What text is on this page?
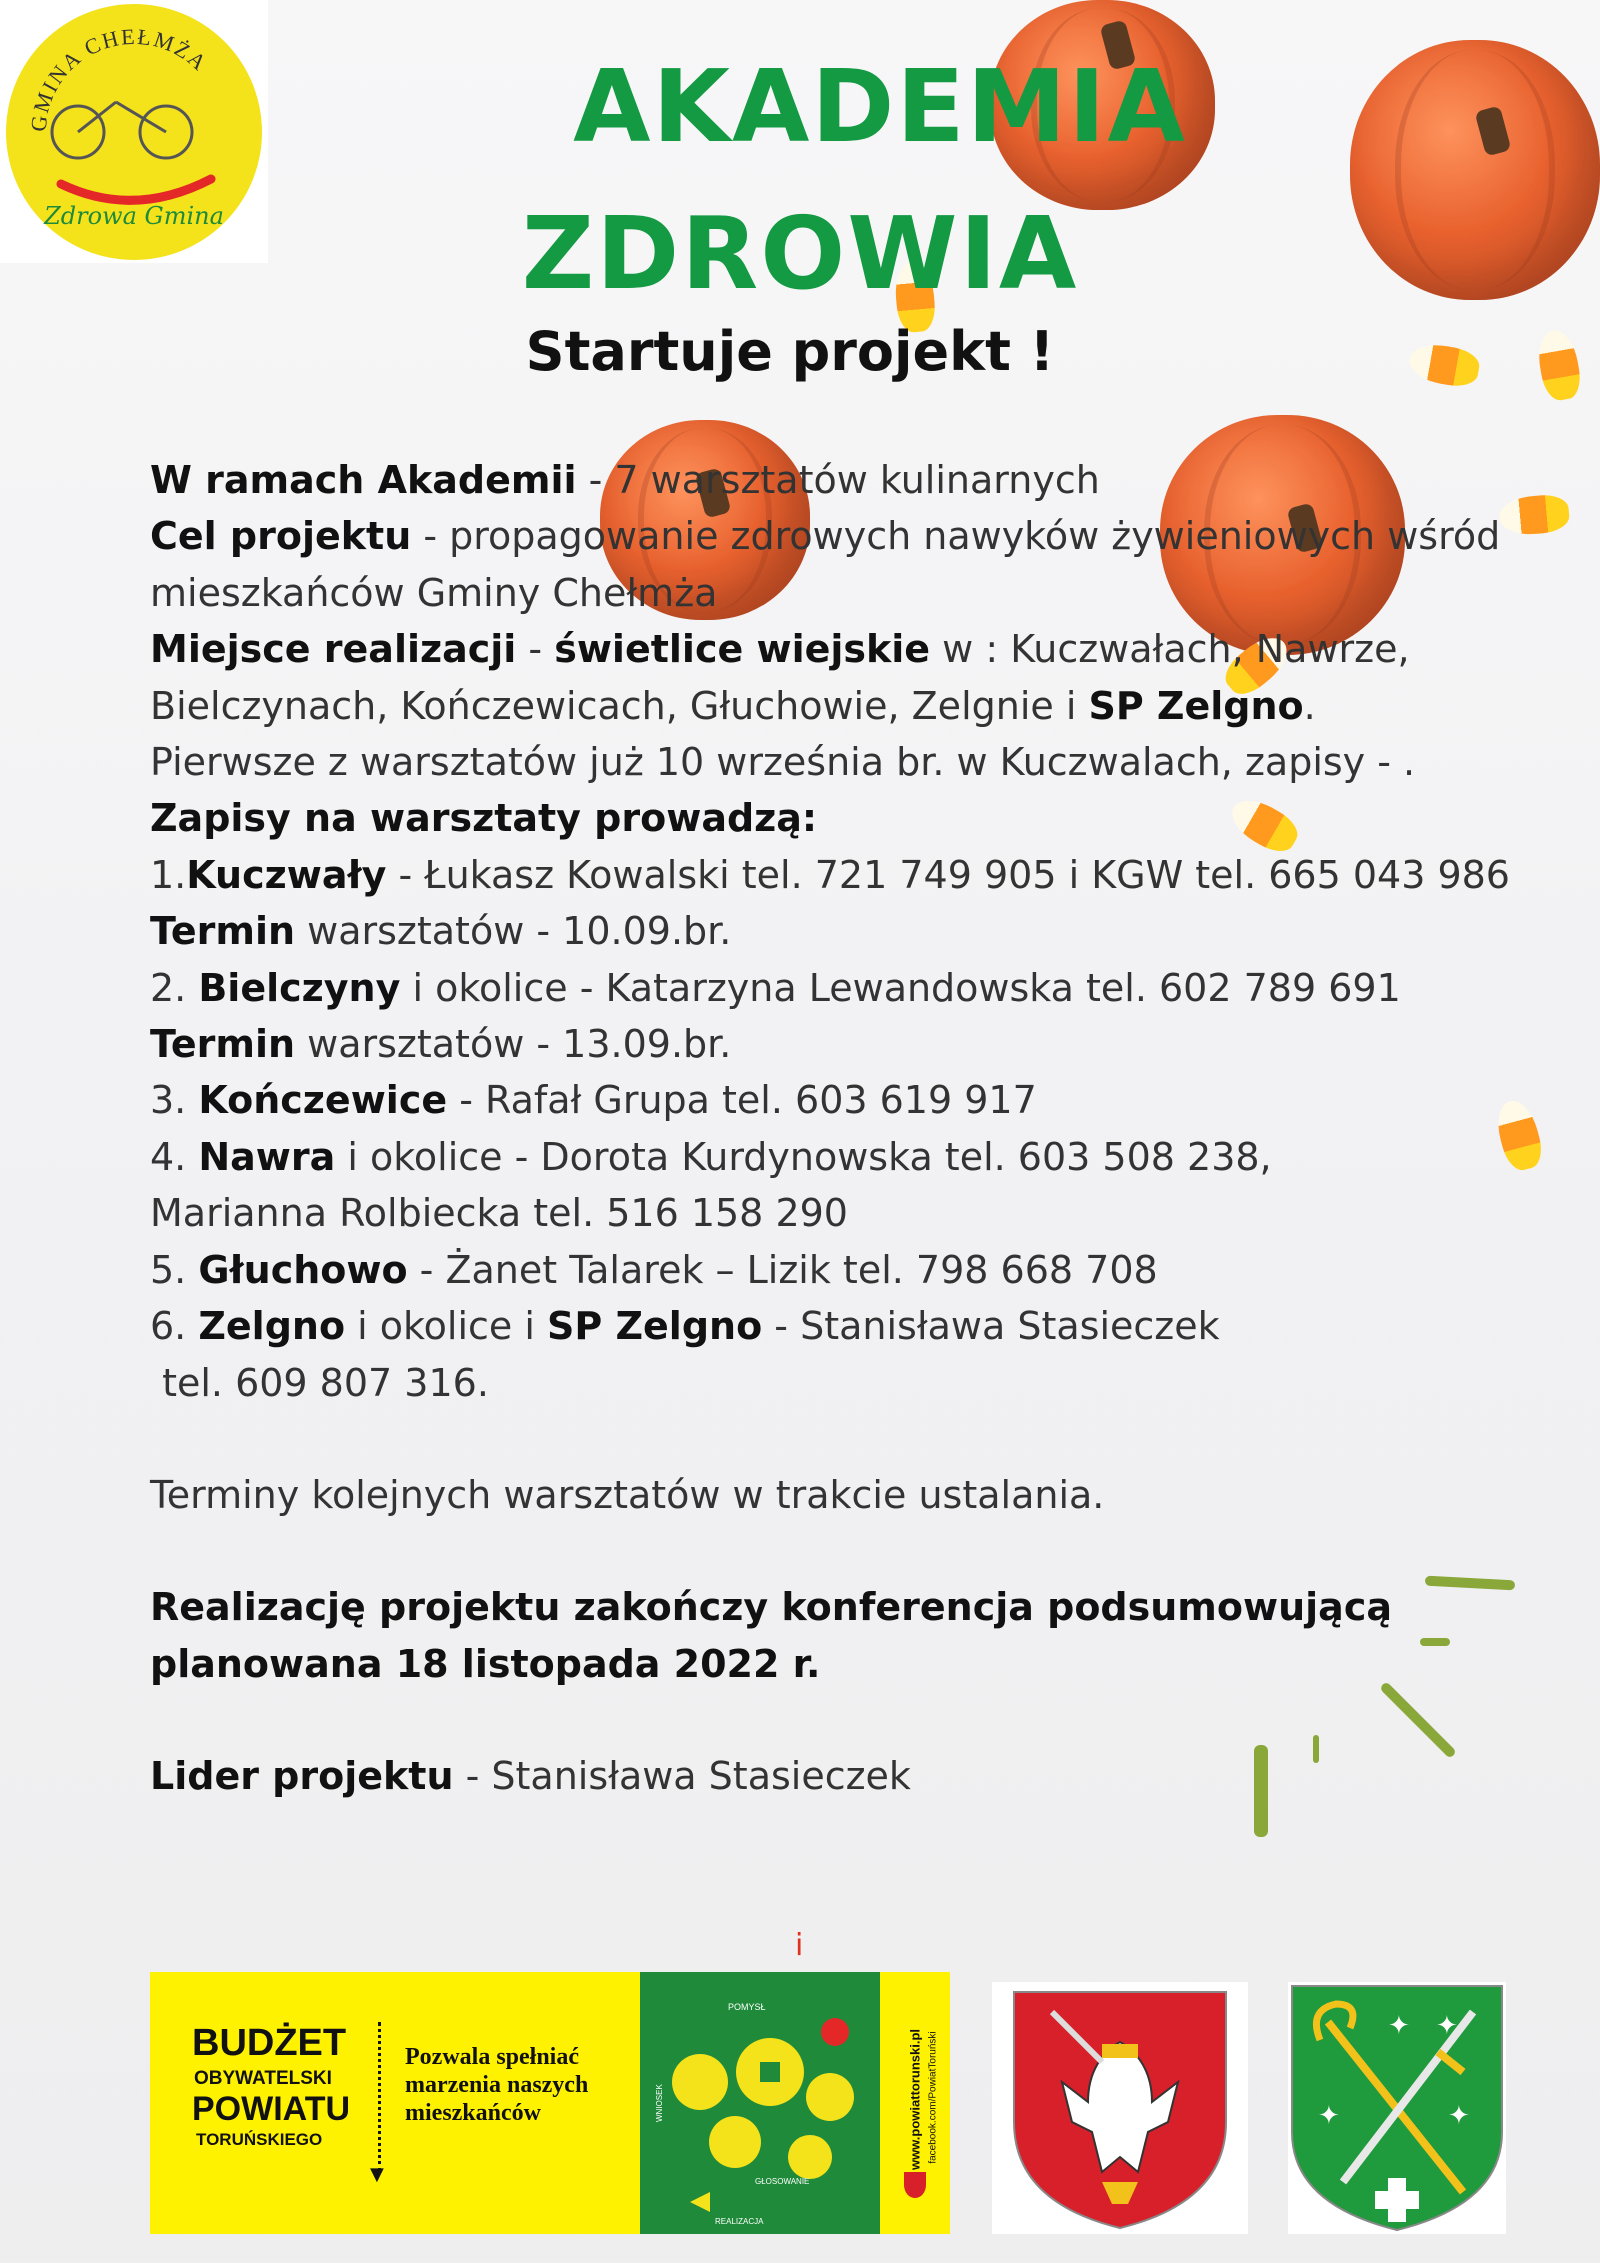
GMINA CHEŁMŻA
Zdrowa Gmina
AKADEMIA
ZDROWIA
Startuje projekt !
W ramach Akademii - 7 warsztatów kulinarnych
Cel projektu - propagowanie zdrowych nawyków żywieniowych wśród
mieszkańców Gminy Chełmża
Miejsce realizacji - świetlice wiejskie w : Kuczwałach, Nawrze,
Bielczynach, Kończewicach, Głuchowie, Zelgnie i SP Zelgno.
Pierwsze z warsztatów już 10 września br. w Kuczwalach, zapisy - .
Zapisy na warsztaty prowadzą:
1.Kuczwały - Łukasz Kowalski tel. 721 749 905 i KGW tel. 665 043 986
Termin warsztatów - 10.09.br.
2. Bielczyny i okolice - Katarzyna Lewandowska tel. 602 789 691
Termin warsztatów - 13.09.br.
3. Kończewice - Rafał Grupa tel. 603 619 917
4. Nawra i okolice - Dorota Kurdynowska tel. 603 508 238,
Marianna Rolbiecka tel. 516 158 290
5. Głuchowo - Żanet Talarek – Lizik tel. 798 668 708
6. Zelgno i okolice i SP Zelgno - Stanisława Stasieczek
tel. 609 807 316.
Terminy kolejnych warsztatów w trakcie ustalania.
Realizację projektu zakończy konferencja podsumowującą
planowana 18 listopada 2022 r.
Lider projektu - Stanisława Stasieczek
i
BUDŻET
OBYWATELSKI
POWIATU
TORUŃSKIEGO
▼
Pozwala spełniać
marzenia naszych
mieszkańców
POMYSŁ
WNIOSEK
GŁOSOWANIE
REALIZACJA
www.powiattorunski.pl facebook.com/PowiatToruński
✦ ✦
✦	✦
